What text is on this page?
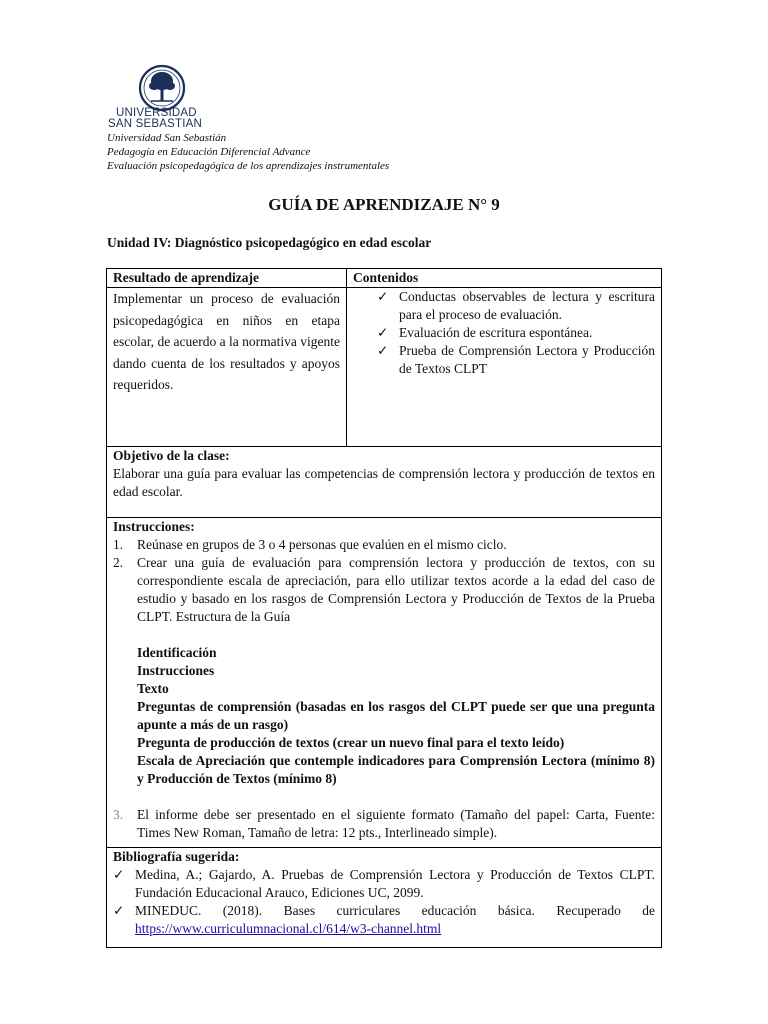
UNIVERSIDAD
SAN SEBASTIAN
Universidad San Sebastián
Pedagogía en Educación Diferencial Advance
Evaluación psicopedagógica de los aprendizajes instrumentales
GUÍA DE APRENDIZAJE N° 9
Unidad IV: Diagnóstico psicopedagógico en edad escolar
Resultado de aprendizaje	Contenidos
Implementar un proceso de evaluación psicopedagógica en niños en etapa escolar, de acuerdo a la normativa vigente dando cuenta de los resultados y apoyos requeridos.
✓ Conductas observables de lectura y escritura para el proceso de evaluación.
✓ Evaluación de escritura espontánea.
✓ Prueba de Comprensión Lectora y Producción de Textos CLPT
Objetivo de la clase:
Elaborar una guía para evaluar las competencias de comprensión lectora y producción de textos en edad escolar.
Instrucciones:
1. Reúnase en grupos de 3 o 4 personas que evalúen en el mismo ciclo.
2. Crear una guía de evaluación para comprensión lectora y producción de textos, con su correspondiente escala de apreciación, para ello utilizar textos acorde a la edad del caso de estudio y basado en los rasgos de Comprensión Lectora y Producción de Textos de la Prueba CLPT. Estructura de la Guía
Identificación
Instrucciones
Texto
Preguntas de comprensión (basadas en los rasgos del CLPT puede ser que una pregunta apunte a más de un rasgo)
Pregunta de producción de textos (crear un nuevo final para el texto leído)
Escala de Apreciación que contemple indicadores para Comprensión Lectora (mínimo 8) y Producción de Textos (mínimo 8)
3. El informe debe ser presentado en el siguiente formato (Tamaño del papel: Carta, Fuente: Times New Roman, Tamaño de letra: 12 pts., Interlineado simple).
Bibliografía sugerida:
✓ Medina, A.; Gajardo, A. Pruebas de Comprensión Lectora y Producción de Textos CLPT. Fundación Educacional Arauco, Ediciones UC, 2099.
✓ MINEDUC. (2018). Bases curriculares educación básica. Recuperado de https://www.curriculumnacional.cl/614/w3-channel.html
